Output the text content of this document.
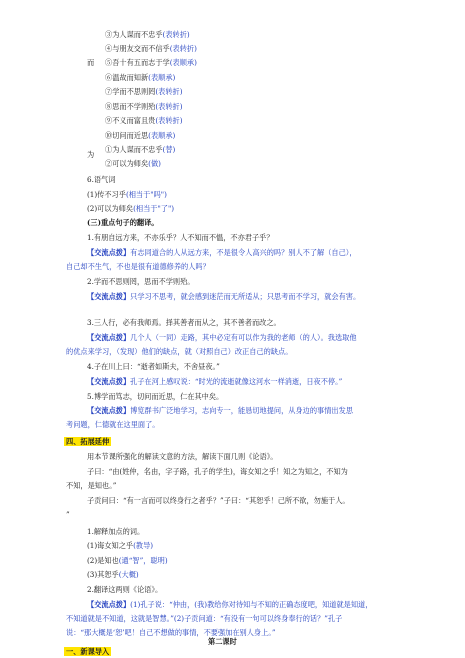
③为人谋而不忠乎(表转折)
④与朋友交而不信乎(表转折)
而 ⑤吾十有五而志于学(表顺承)
⑥温故而知新(表顺承)
⑦学而不思则罔(表转折)
⑧思而不学则殆(表转折)
⑨不义而富且贵(表转折)
⑩切问而近思(表顺承)
为
①为人谋而不忠乎(替)
②可以为师矣(做)
6.语气词
(1)传不习乎(相当于"吗")
(2)可以为师矣(相当于"了")
(三)重点句子的翻译。
1.有朋自远方来，不亦乐乎？人不知而不愠，不亦君子乎？
【交流点拨】有志同道合的人从远方来，不是很令人高兴的吗？别人不了解（自己），
自己却不生气，不也是很有道德修养的人吗？
2.学而不思则罔，思而不学则殆。
【交流点拨】只学习不思考，就会感到迷茫而无所适从；只思考而不学习，就会有害。
3.三人行，必有我师焉。择其善者而从之，其不善者而改之。
【交流点拨】几个人（一同）走路，其中必定有可以作为我的老师（的人）。我选取他
的优点来学习，（发现）他们的缺点，就（对照自己）改正自己的缺点。
4.子在川上曰：“逝者如斯夫，不舍昼夜。”
【交流点拨】孔子在河上感叹说：“时光的流逝就像这河水一样消逝，日夜不停。”
5.博学而笃志，切问而近思，仁在其中矣。
【交流点拨】博览群书广泛地学习，志向专一，能恳切地提问，从身边的事情出发思
考问题，仁德就在这里面了。
四、拓展延伸
用本节课所强化的解读文意的方法，解读下面几则《论语》。
子曰：“由(姓仲，名由，字子路，孔子的学生)，诲女知之乎！知之为知之，不知为
不知，是知也。”
子贡问曰：“有一言而可以终身行之者乎？”子曰：“其恕乎！己所不欲，勿施于人。
”
1.解释加点的词。
(1)诲女知之乎(教导)
(2)是知也(通“智”，聪明)
(3)其恕乎(大概)
2.翻译这两则《论语》。
【交流点拨】(1)孔子说：“仲由，(我)教给你对待知与不知的正确态度吧，知道就是知道，
不知道就是不知道，这就是智慧。”(2)子贡问道：“有没有一句可以终身奉行的话？”孔子
说：“那大概是‘恕’吧！自己不想做的事情，不要强加在别人身上。”
第二课时
一、新课导入
